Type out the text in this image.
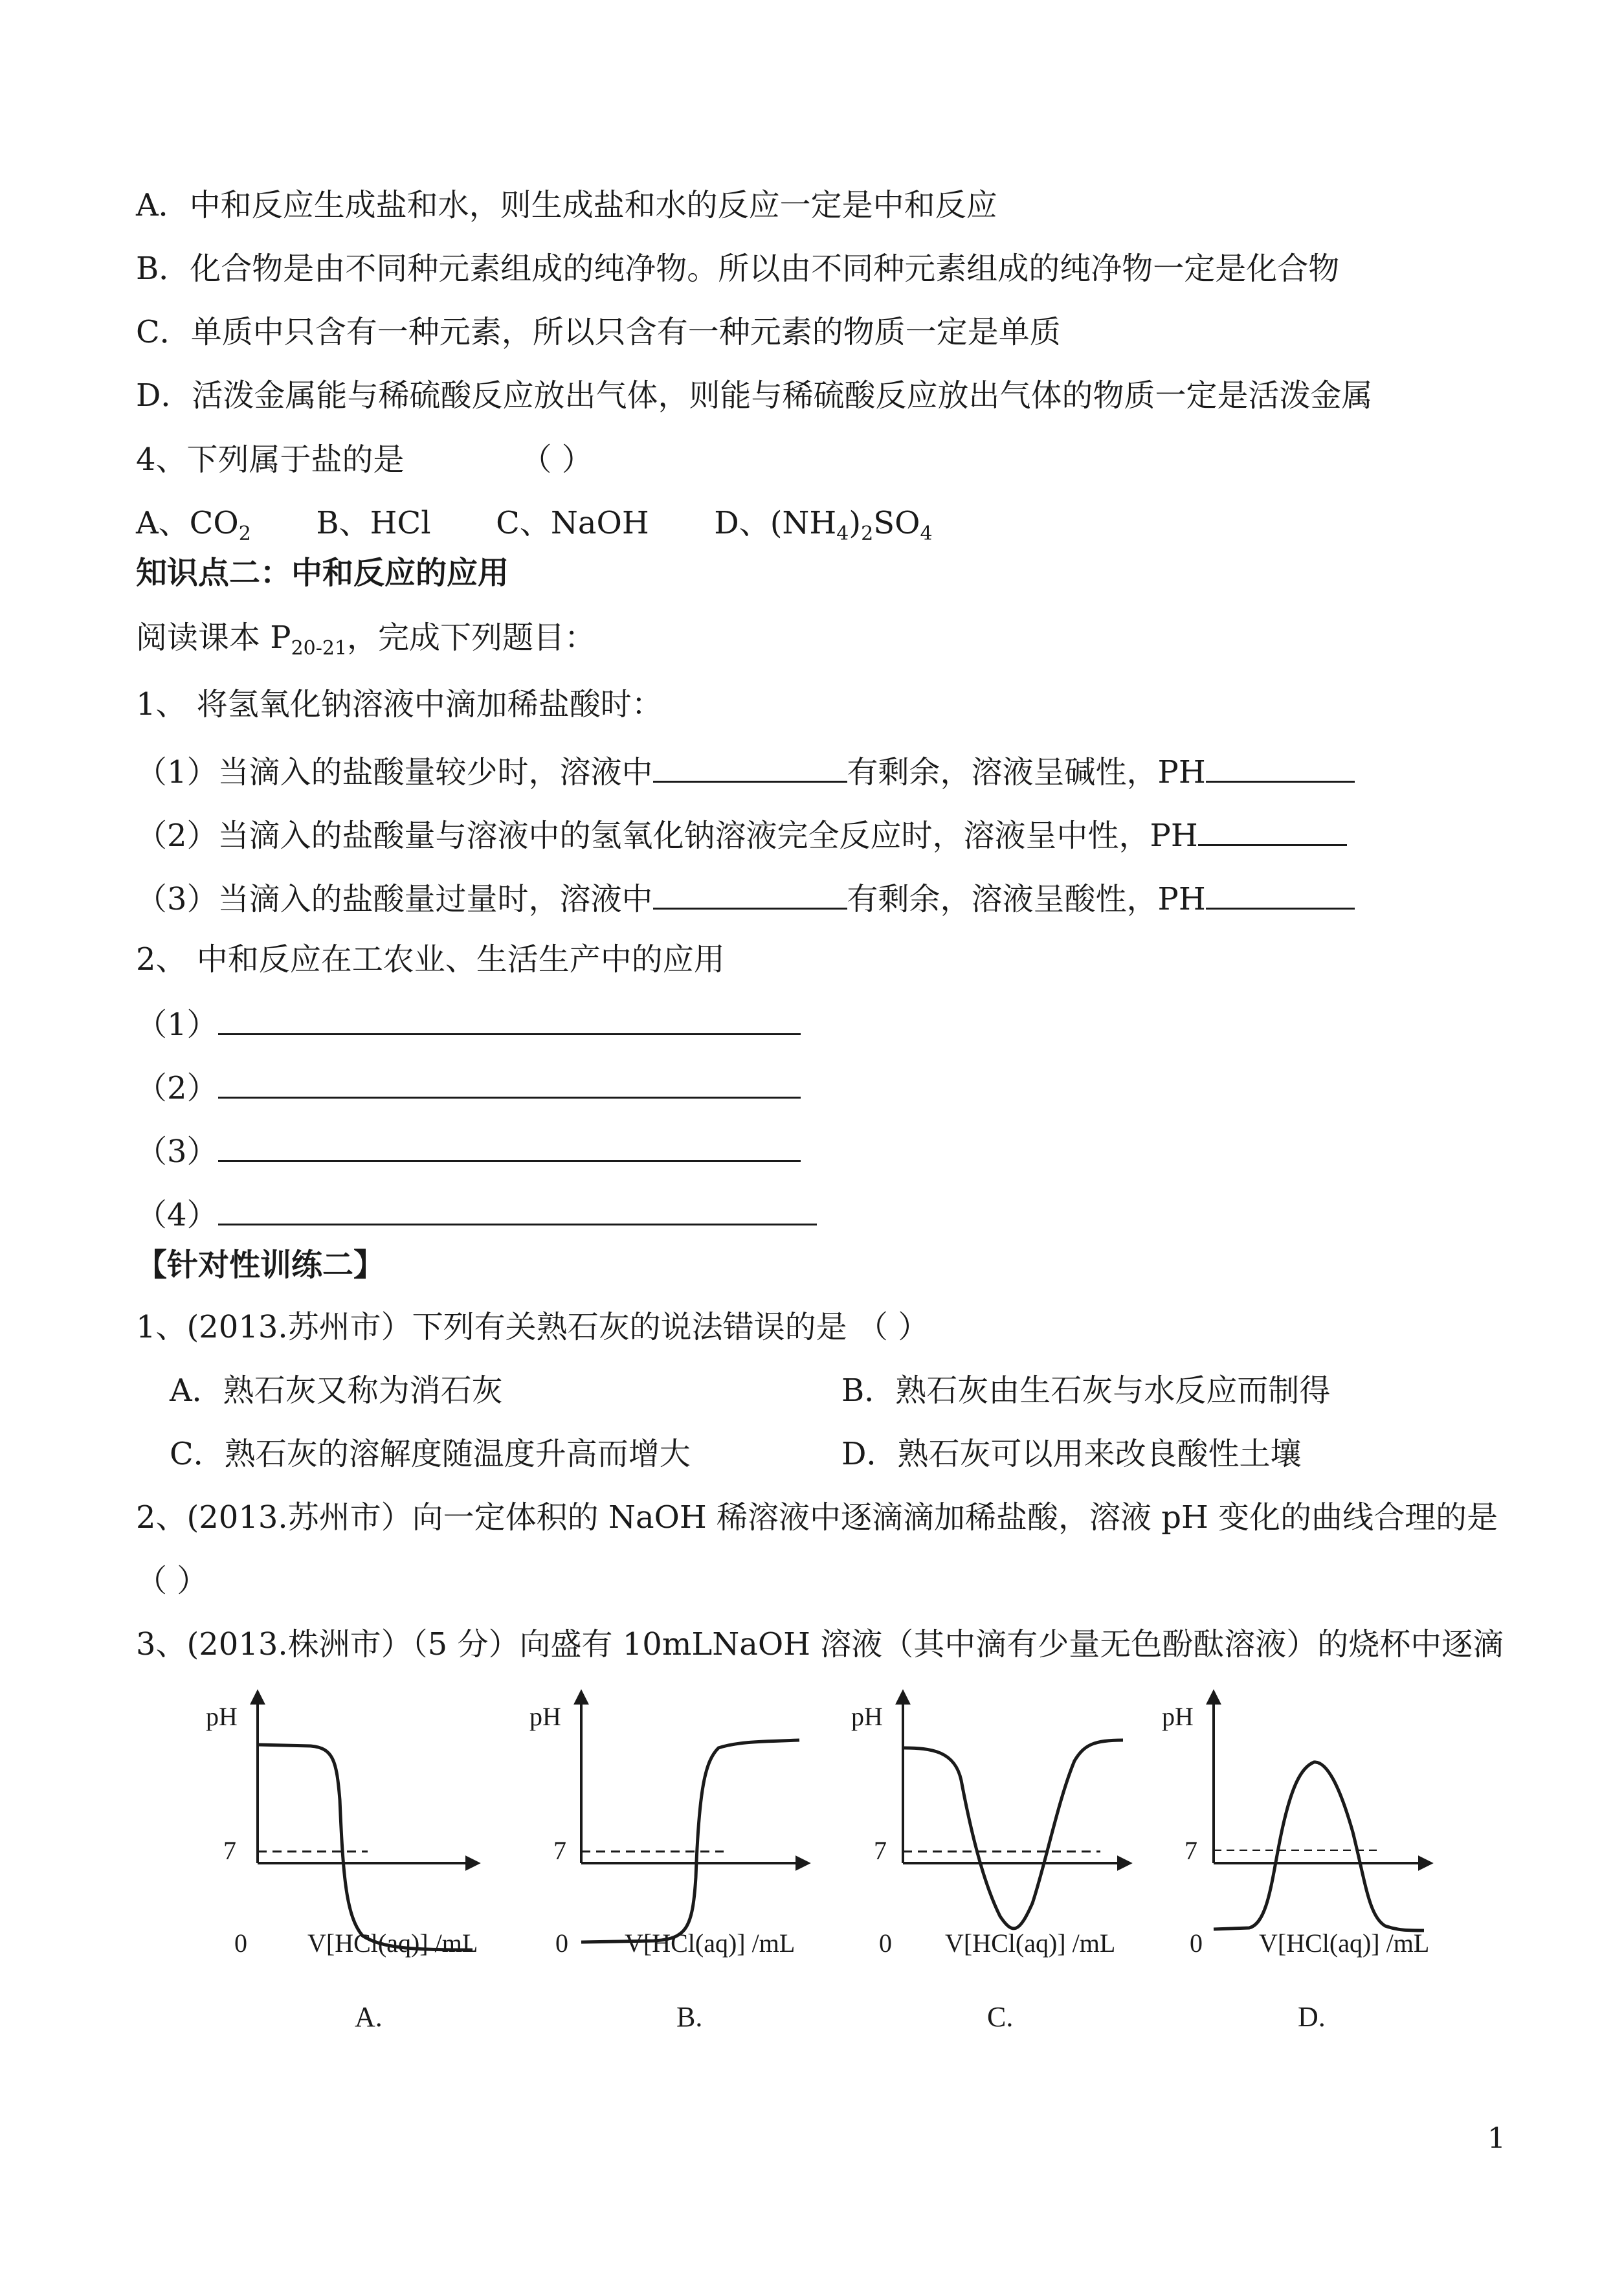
A．中和反应生成盐和水，则生成盐和水的反应一定是中和反应
B．化合物是由不同种元素组成的纯净物。所以由不同种元素组成的纯净物一定是化合物
C．单质中只含有一种元素，所以只含有一种元素的物质一定是单质
D．活泼金属能与稀硫酸反应放出气体，则能与稀硫酸反应放出气体的物质一定是活泼金属
4、下列属于盐的是	（ ）
A、$CO_2$ B、HCl C、NaOH D、$(NH_4)_2SO_4$
知识点二：中和反应的应用
阅读课本 $P_{20-21}$，完成下列题目：
1、 将氢氧化钠溶液中滴加稀盐酸时：
（1）当滴入的盐酸量较少时，溶液中	有剩余，溶液呈碱性，PH
（2）当滴入的盐酸量与溶液中的氢氧化钠溶液完全反应时，溶液呈中性，PH
（3）当滴入的盐酸量过量时，溶液中	有剩余，溶液呈酸性，PH
2、 中和反应在工农业、生活生产中的应用
（1）
（2）
（3）
（4）
【针对性训练二】
1、(2013.苏州市）下列有关熟石灰的说法错误的是 （ ）
A．熟石灰又称为消石灰	B．熟石灰由生石灰与水反应而制得
C．熟石灰的溶解度随温度升高而增大	D．熟石灰可以用来改良酸性土壤
2、(2013.苏州市）向一定体积的 NaOH 稀溶液中逐滴滴加稀盐酸，溶液 pH 变化的曲线合理的是
（ ）
3、(2013.株洲市）（5 分）向盛有 10mLNaOH 溶液（其中滴有少量无色酚酞溶液）的烧杯中逐滴
pH
7
0 V[HCl(aq)] /mL
A.
pH
7
0 V[HCl(aq)] /mL
B.
pH
7
0 V[HCl(aq)] /mL
C.
pH
7
0 V[HCl(aq)] /mL
D.
1
